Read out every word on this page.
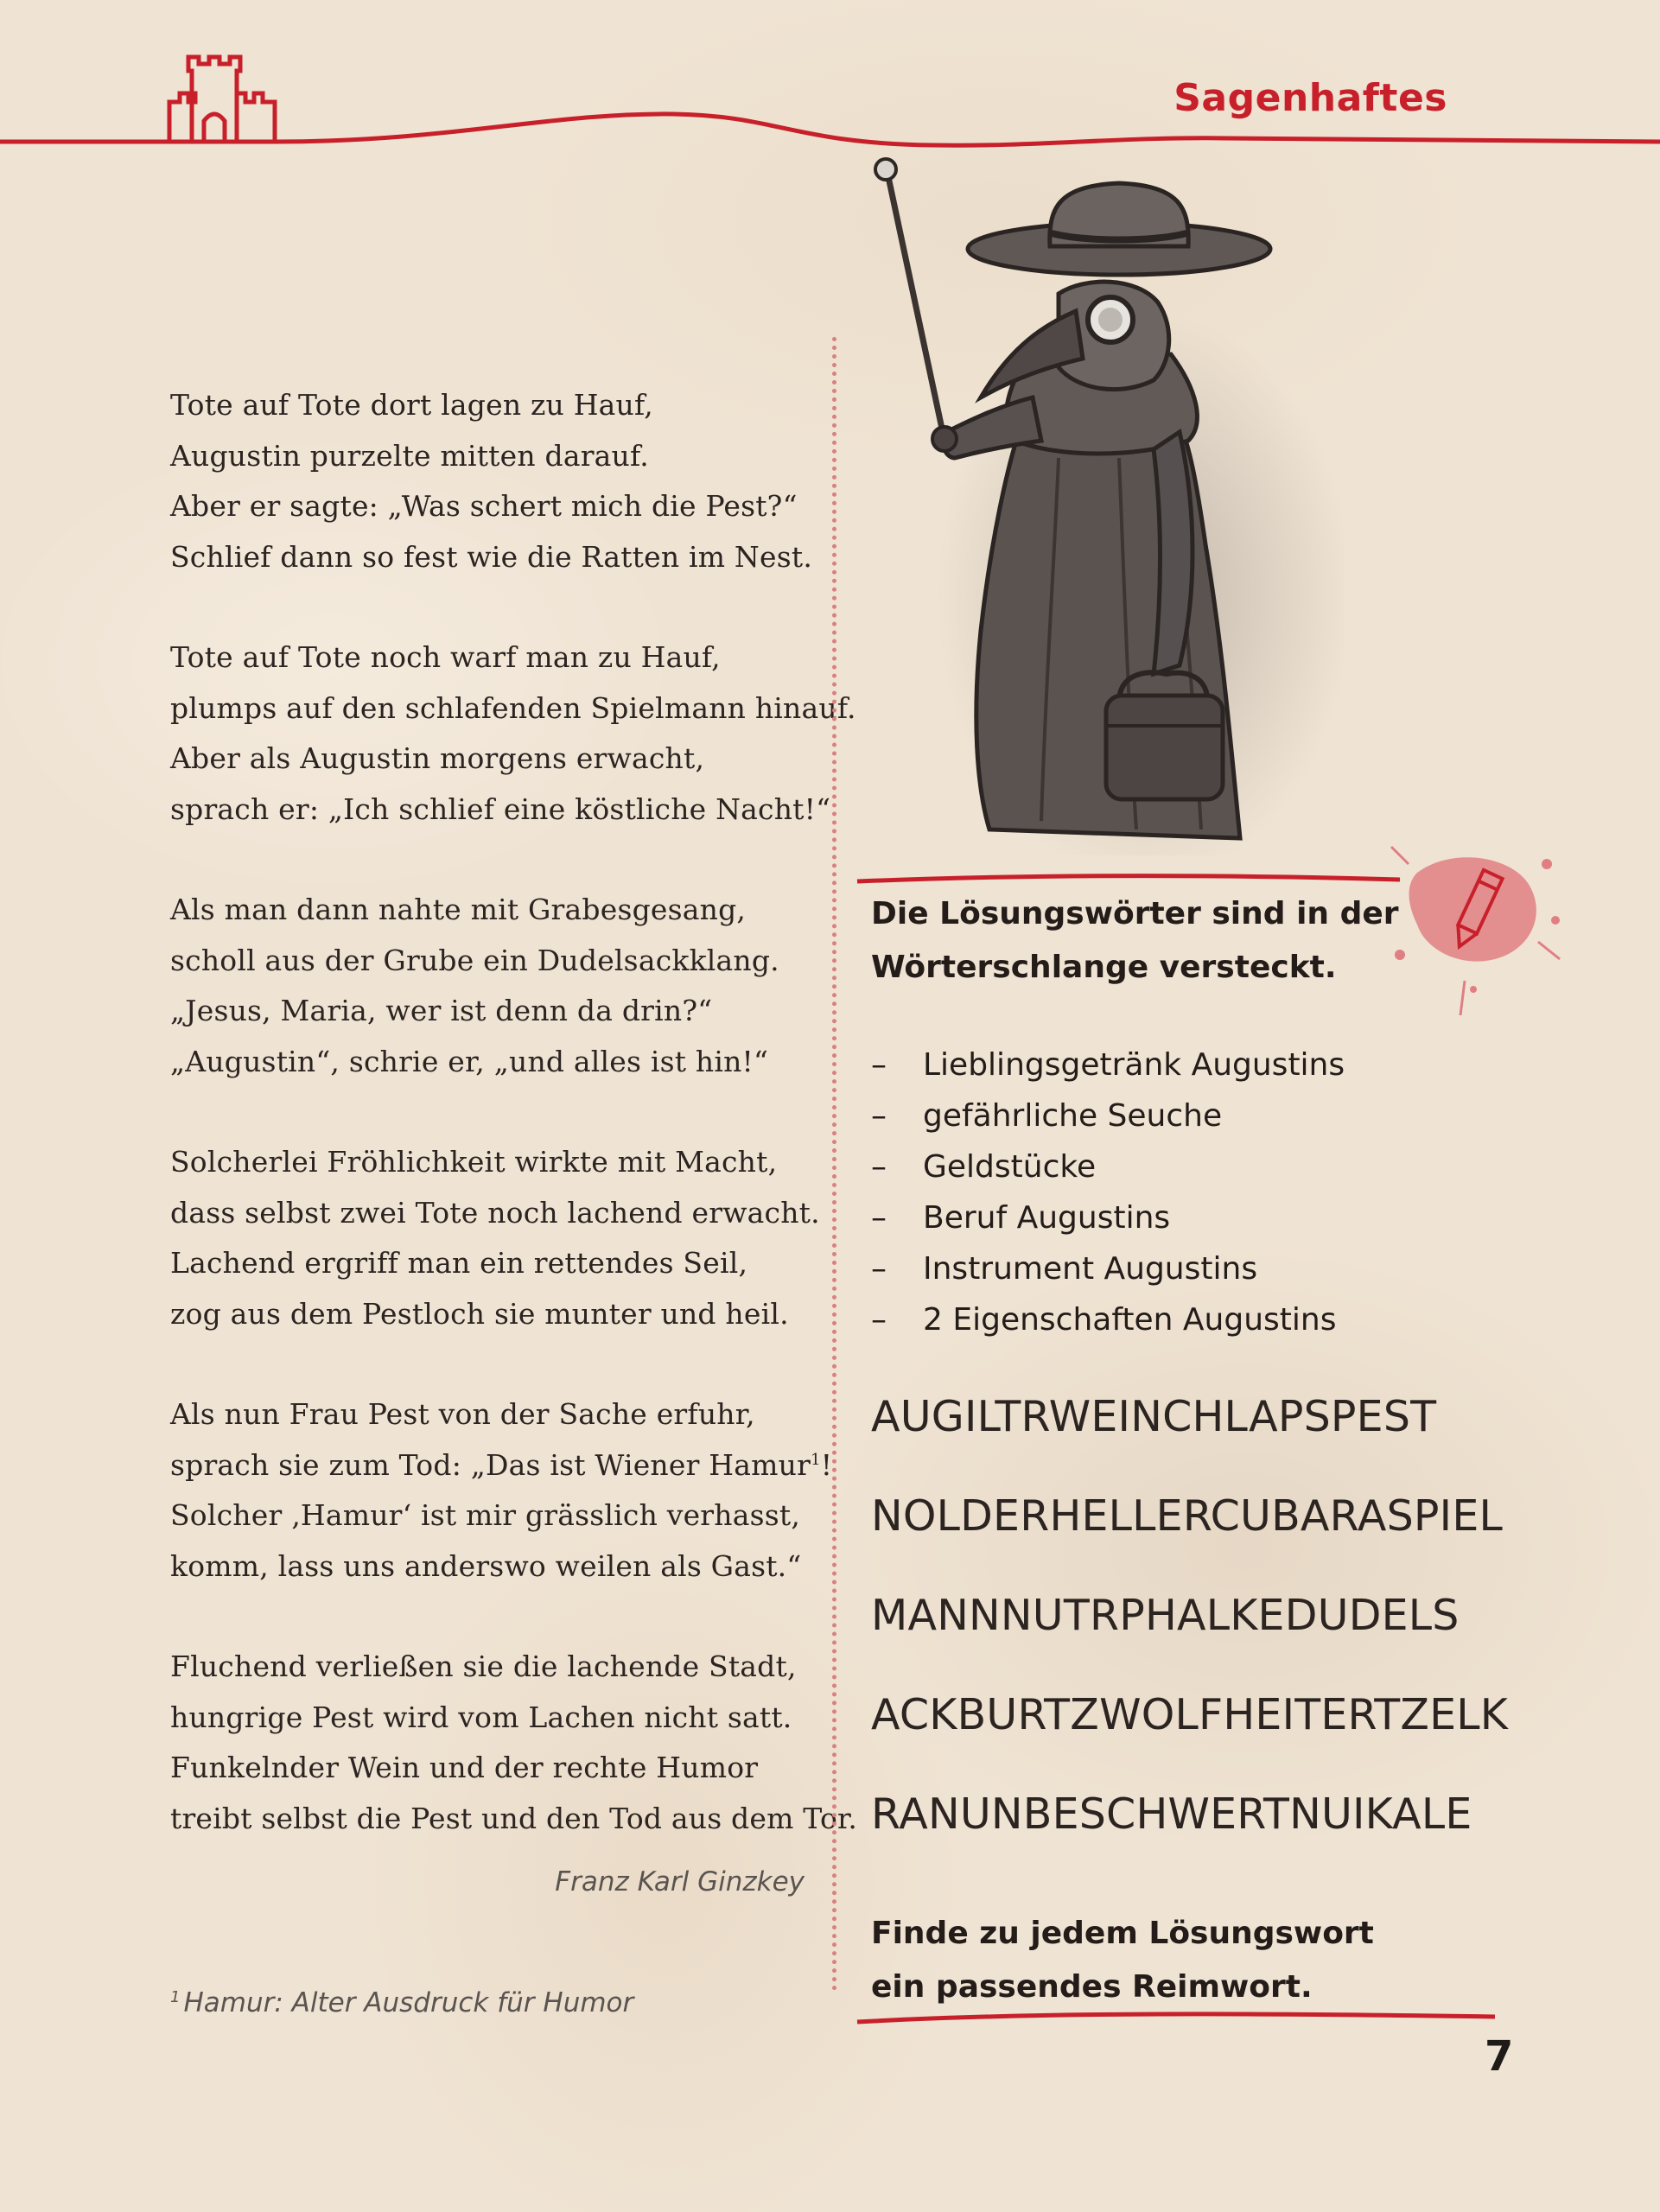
Sagenhaftes
Tote auf Tote dort lagen zu Hauf,
Augustin purzelte mitten darauf.
Aber er sagte: „Was schert mich die Pest?“
Schlief dann so fest wie die Ratten im Nest.
Tote auf Tote noch warf man zu Hauf,
plumps auf den schlafenden Spielmann hinauf.
Aber als Augustin morgens erwacht,
sprach er: „Ich schlief eine köstliche Nacht!“
Als man dann nahte mit Grabesgesang,
scholl aus der Grube ein Dudelsackklang.
„Jesus, Maria, wer ist denn da drin?“
„Augustin“, schrie er, „und alles ist hin!“
Solcherlei Fröhlichkeit wirkte mit Macht,
dass selbst zwei Tote noch lachend erwacht.
Lachend ergriff man ein rettendes Seil,
zog aus dem Pestloch sie munter und heil.
Als nun Frau Pest von der Sache erfuhr,
sprach sie zum Tod: „Das ist Wiener Hamur$^1$!
Solcher ‚Hamur‘ ist mir grässlich verhasst,
komm, lass uns anderswo weilen als Gast.“
Fluchend verließen sie die lachende Stadt,
hungrige Pest wird vom Lachen nicht satt.
Funkelnder Wein und der rechte Humor
treibt selbst die Pest und den Tod aus dem Tor.
Franz Karl Ginzkey
$^1$ Hamur: Alter Ausdruck für Humor
Die Lösungswörter sind in der Wörterschlange versteckt.
– Lieblingsgetränk Augustins
– gefährliche Seuche
– Geldstücke
– Beruf Augustins
– Instrument Augustins
– 2 Eigenschaften Augustins
AUGILTRWEINCHLAPSPEST
NOLDERHELLERCUBARASPIEL
MANNNUTRPHALKEDUDELS
ACKBURTZWOLFHEITERTZELK
RANUNBESCHWERTNUIKALE
Finde zu jedem Lösungswort ein passendes Reimwort.
7
